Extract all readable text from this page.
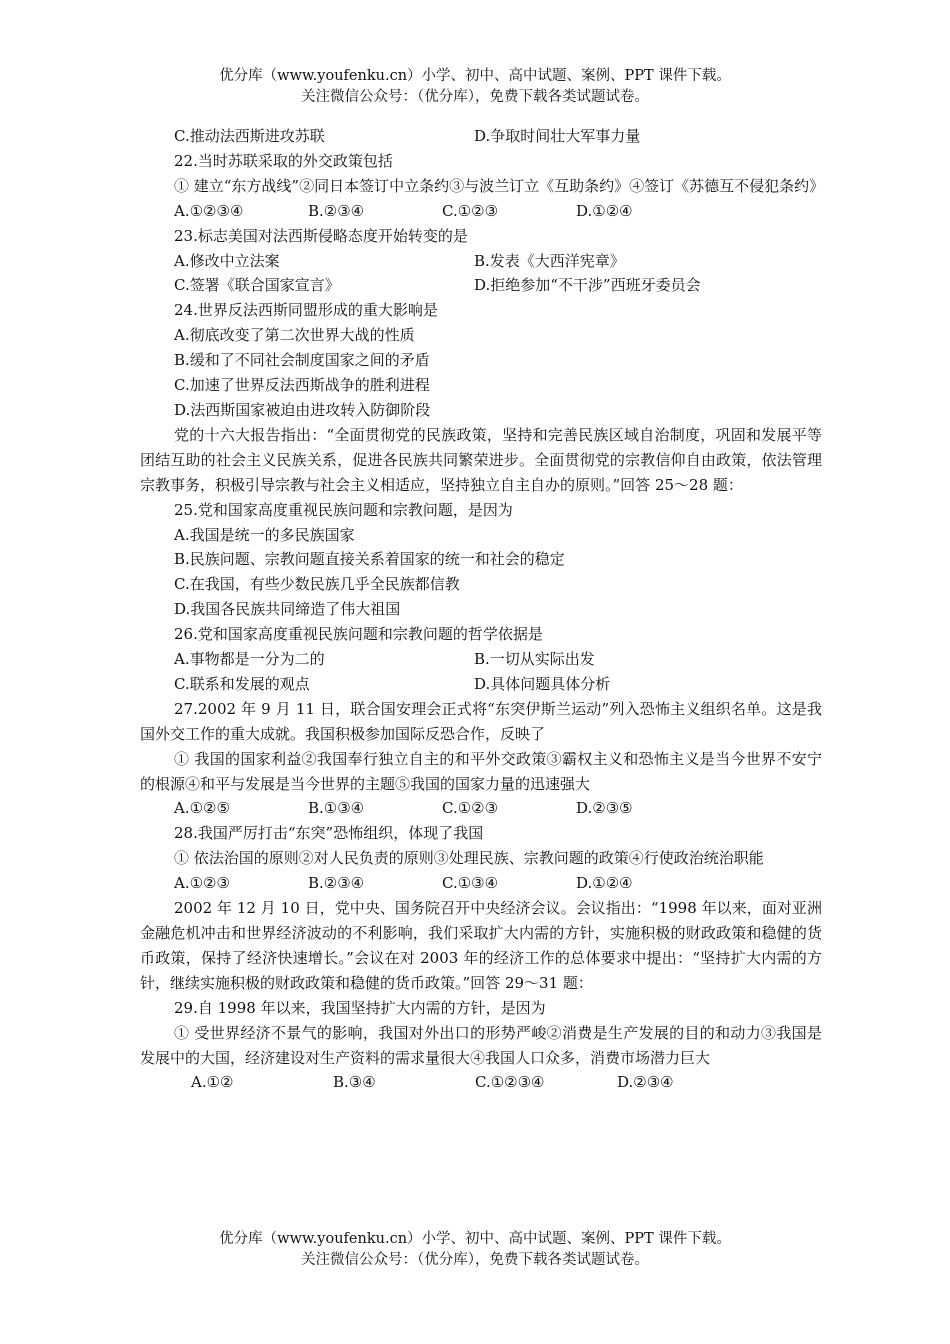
优分库（www.youfenku.cn）小学、初中、高中试题、案例、PPT 课件下载。
关注微信公众号：（优分库），免费下载各类试题试卷。
C.推动法西斯进攻苏联	D.争取时间壮大军事力量

22.当时苏联采取的外交政策包括

① 建立“东方战线”②同日本签订中立条约③与波兰订立《互助条约》④签订《苏德互不侵犯条约》

A.①②③④	B.②③④	C.①②③	D.①②④

23.标志美国对法西斯侵略态度开始转变的是

A.修改中立法案	B.发表《大西洋宪章》
C.签署《联合国家宣言》	D.拒绝参加“不干涉”西班牙委员会

24.世界反法西斯同盟形成的重大影响是

A.彻底改变了第二次世界大战的性质
B.缓和了不同社会制度国家之间的矛盾
C.加速了世界反法西斯战争的胜利进程
D.法西斯国家被迫由进攻转入防御阶段

党的十六大报告指出：“全面贯彻党的民族政策，坚持和完善民族区域自治制度，巩固和发展平等团结互助的社会主义民族关系，促进各民族共同繁荣进步。全面贯彻党的宗教信仰自由政策，依法管理宗教事务，积极引导宗教与社会主义相适应，坚持独立自主自办的原则。”回答 25～28 题：

25.党和国家高度重视民族问题和宗教问题，是因为

A.我国是统一的多民族国家
B.民族问题、宗教问题直接关系着国家的统一和社会的稳定
C.在我国，有些少数民族几乎全民族都信教
D.我国各民族共同缔造了伟大祖国

26.党和国家高度重视民族问题和宗教问题的哲学依据是

A.事物都是一分为二的	B.一切从实际出发
C.联系和发展的观点	D.具体问题具体分析

27.2002 年 9 月 11 日，联合国安理会正式将“东突伊斯兰运动”列入恐怖主义组织名单。这是我国外交工作的重大成就。我国积极参加国际反恐合作，反映了

① 我国的国家利益②我国奉行独立自主的和平外交政策③霸权主义和恐怖主义是当今世界不安宁的根源④和平与发展是当今世界的主题⑤我国的国家力量的迅速强大

A.①②⑤	B.①③④	C.①②③	D.②③⑤

28.我国严厉打击“东突”恐怖组织，体现了我国

① 依法治国的原则②对人民负责的原则③处理民族、宗教问题的政策④行使政治统治职能

A.①②③	B.②③④	C.①③④	D.①②④

2002 年 12 月 10 日，党中央、国务院召开中央经济会议。会议指出：“1998 年以来，面对亚洲金融危机冲击和世界经济波动的不利影响，我们采取扩大内需的方针，实施积极的财政政策和稳健的货币政策，保持了经济快速增长。”会议在对 2003 年的经济工作的总体要求中提出：“坚持扩大内需的方针，继续实施积极的财政政策和稳健的货币政策。”回答 29～31 题：

29.自 1998 年以来，我国坚持扩大内需的方针，是因为

① 受世界经济不景气的影响，我国对外出口的形势严峻②消费是生产发展的目的和动力③我国是发展中的大国，经济建设对生产资料的需求量很大④我国人口众多，消费市场潜力巨大

A.①②	B.③④	C.①②③④	D.②③④
优分库（www.youfenku.cn）小学、初中、高中试题、案例、PPT 课件下载。
关注微信公众号：（优分库），免费下载各类试题试卷。
